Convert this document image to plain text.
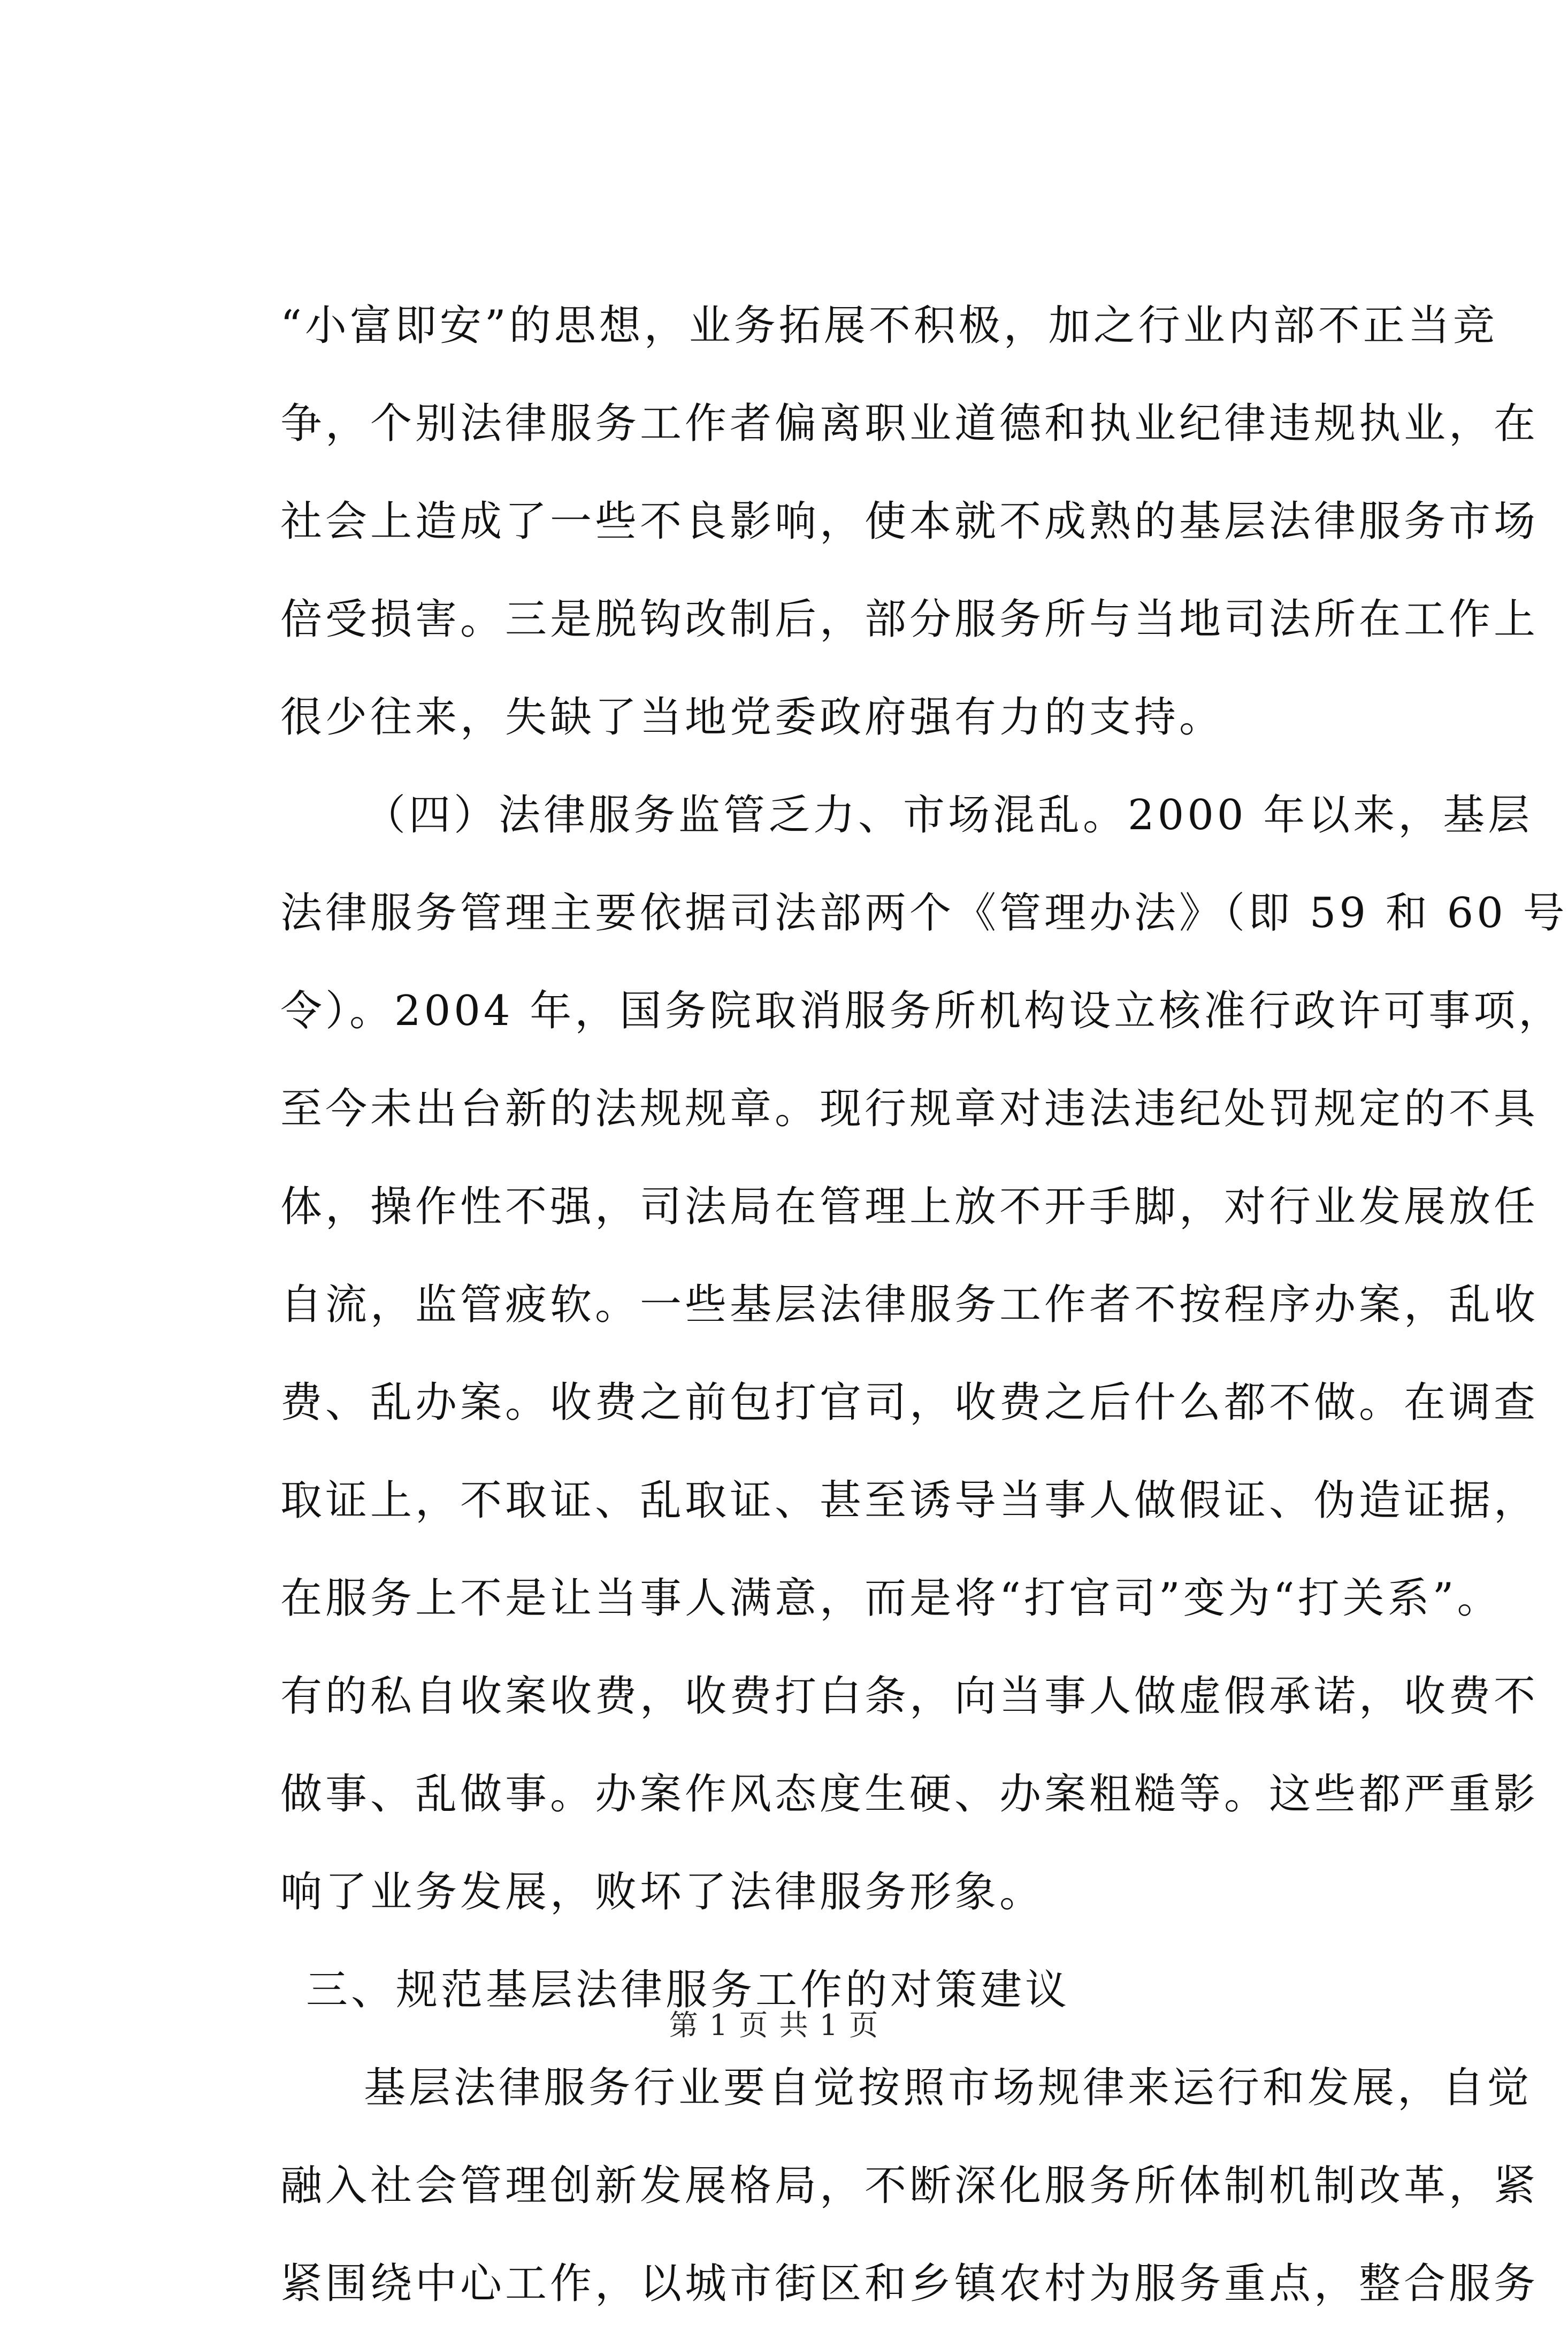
“小富即安”的思想，业务拓展不积极，加之行业内部不正当竞
争，个别法律服务工作者偏离职业道德和执业纪律违规执业，在
社会上造成了一些不良影响，使本就不成熟的基层法律服务市场
倍受损害。三是脱钩改制后，部分服务所与当地司法所在工作上
很少往来，失缺了当地党委政府强有力的支持。
（四）法律服务监管乏力、市场混乱。2000 年以来，基层
法律服务管理主要依据司法部两个《管理办法》（即 59 和 60 号
令）。2004 年，国务院取消服务所机构设立核准行政许可事项，
至今未出台新的法规规章。现行规章对违法违纪处罚规定的不具
体，操作性不强，司法局在管理上放不开手脚，对行业发展放任
自流，监管疲软。一些基层法律服务工作者不按程序办案，乱收
费、乱办案。收费之前包打官司，收费之后什么都不做。在调查
取证上，不取证、乱取证、甚至诱导当事人做假证、伪造证据，
在服务上不是让当事人满意，而是将“打官司”变为“打关系”。
有的私自收案收费，收费打白条，向当事人做虚假承诺，收费不
做事、乱做事。办案作风态度生硬、办案粗糙等。这些都严重影
响了业务发展，败坏了法律服务形象。
三、规范基层法律服务工作的对策建议
基层法律服务行业要自觉按照市场规律来运行和发展，自觉
融入社会管理创新发展格局，不断深化服务所体制机制改革，紧
紧围绕中心工作，以城市街区和乡镇农村为服务重点，整合服务
第 1 页 共 1 页
